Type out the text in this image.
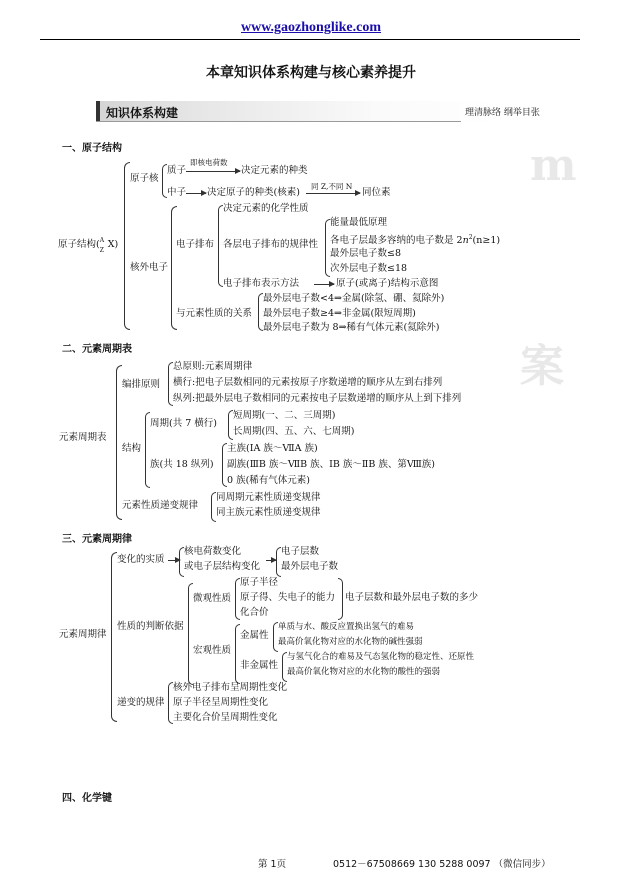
www.gaozhonglike.com
本章知识体系构建与核心素养提升
知识体系构建	理清脉络 纲举目张
m
案
一、原子结构
原子结构( A
Z
X)
原子核
质子
即核电荷数
决定元素的种类
中子 决定原子的种类(核素)
同 Z,不同 N
同位素
核外电子
电子排布
决定元素的化学性质
各层电子排布的规律性
能量最低原理
各电子层最多容纳的电子数是 $2n^2(n\ge 1)$
最外层电子数≤8
次外层电子数≤18
电子排布表示方法	原子(或离子)结构示意图
与元素性质的关系
最外层电子数<4⇒金属(除氢、硼、氦除外)
最外层电子数≥4⇒非金属(限短周期)
最外层电子数为 8⇒稀有气体元素(氦除外)
二、元素周期表
元素周期表
编排原则
总原则:元素周期律
横行:把电子层数相同的元素按原子序数递增的顺序从左到右排列
纵列:把最外层电子数相同的元素按电子层数递增的顺序从上到下排列
结构
周期(共 7 横行)
短周期(一、二、三周期)
长周期(四、五、六、七周期)
族(共 18 纵列)
主族(ⅠA 族～ⅦA 族)
副族(ⅢB 族～ⅦB 族、ⅠB 族～ⅡB 族、第Ⅷ族)
0 族(稀有气体元素)
元素性质递变规律
同周期元素性质递变规律
同主族元素性质递变规律
三、元素周期律
元素周期律
变化的实质
核电荷数变化
或电子层结构变化
电子层数
最外层电子数
性质的判断依据
微观性质
原子半径
原子得、失电子的能力
化合价
电子层数和最外层电子数的多少
宏观性质
金属性
单质与水、酸反应置换出氢气的难易
最高价氧化物对应的水化物的碱性强弱
非金属性
与氢气化合的难易及气态氢化物的稳定性、还原性
最高价氧化物对应的水化物的酸性的强弱
递变的规律
核外电子排布呈周期性变化
原子半径呈周期性变化
主要化合价呈周期性变化
四、化学键
第 1页	0512－67508669 130 5288 0097 （微信同步）
